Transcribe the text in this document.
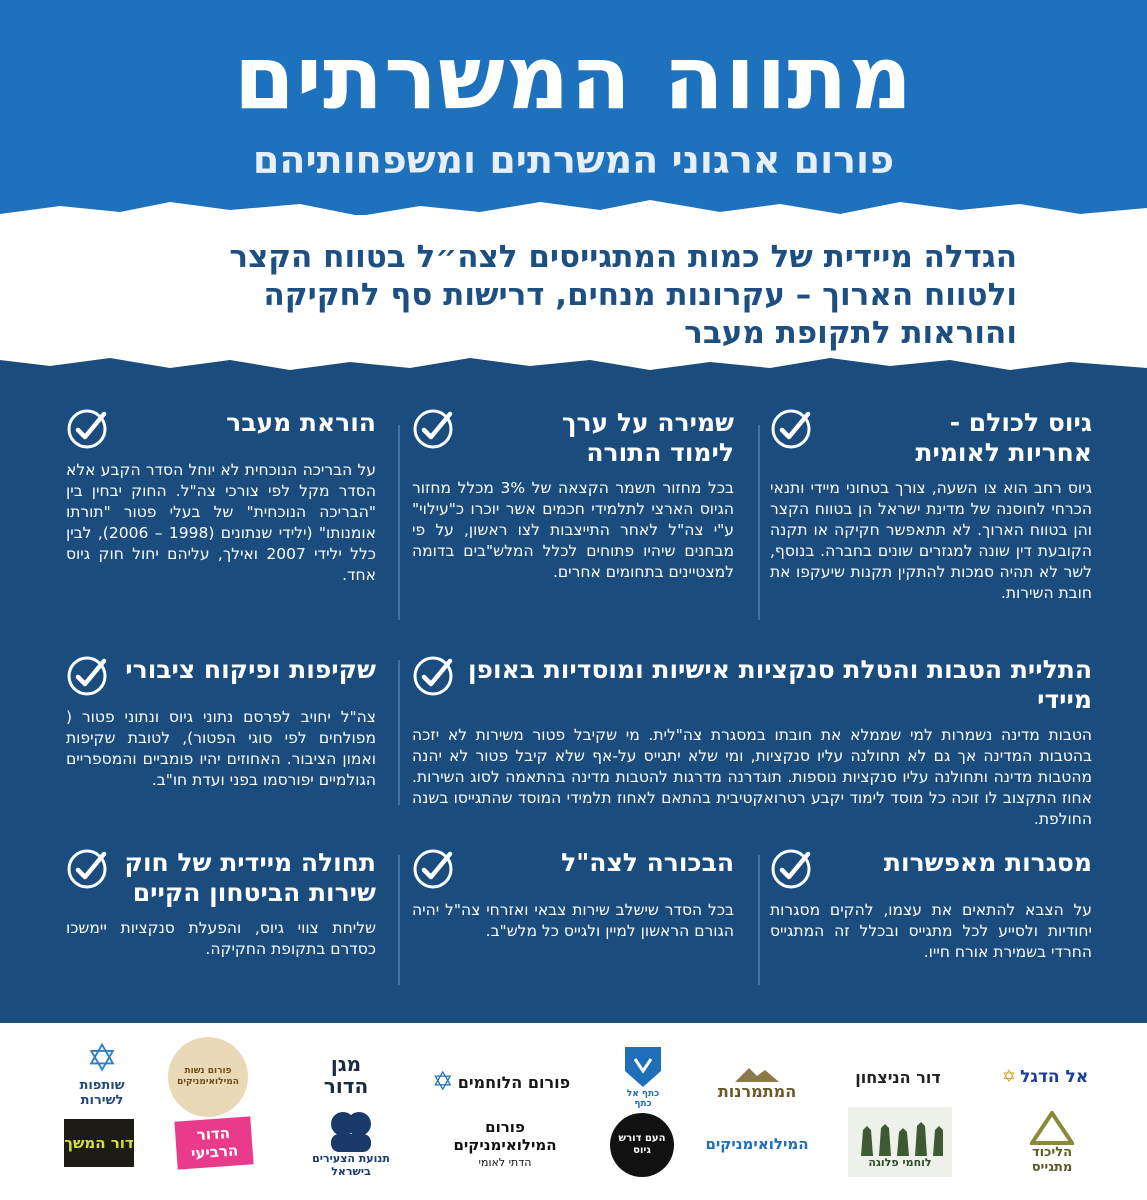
מתווה המשרתים
פורום ארגוני המשרתים ומשפחותיהם
הגדלה מיידית של כמות המתגייסים לצה״ל בטווח הקצר
ולטווח הארוך – עקרונות מנחים, דרישות סף לחקיקה
והוראות לתקופת מעבר
גיוס לכולם -
אחריות לאומית
גיוס רחב הוא צו השעה, צורך בטחוני מיידי ותנאי הכרחי לחוסנה של מדינת ישראל הן בטווח הקצר והן בטווח הארוך. לא תתאפשר חקיקה או תקנה הקובעת דין שונה למגזרים שונים בחברה. בנוסף, לשר לא תהיה סמכות להתקין תקנות שיעקפו את חובת השירות.
שמירה על ערך
לימוד התורה
בכל מחזור תשמר הקצאה של 3% מכלל מחזור הגיוס הארצי לתלמידי חכמים אשר יוכרו כ"עילוי" ע"י צה"ל לאחר התייצבות לצו ראשון, על פי מבחנים שיהיו פתוחים לכלל המלש"בים בדומה למצטיינים בתחומים אחרים.
הוראת מעבר
על הבריכה הנוכחית לא יוחל הסדר הקבע אלא הסדר מקל לפי צורכי צה"ל. החוק יבחין בין "הבריכה הנוכחית" של בעלי פטור "תורתו אומנותו" (ילידי שנתונים (1998 – 2006), לבין כלל ילידי 2007 ואילך, עליהם יחול חוק גיוס אחד.
התליית הטבות והטלת סנקציות אישיות ומוסדיות באופן מיידי
הטבות מדינה נשמרות למי שממלא את חובתו במסגרת צה"לית. מי שקיבל פטור משירות לא יזכה בהטבות המדינה אך גם לא תחולנה עליו סנקציות, ומי שלא יתגייס על-אף שלא קיבל פטור לא יהנה מהטבות מדינה ותחולנה עליו סנקציות נוספות. תוגדרנה מדרגות להטבות מדינה בהתאמה לסוג השירות. אחוז התקצוב לו זוכה כל מוסד לימוד יקבע רטרואקטיבית בהתאם לאחוז תלמידי המוסד שהתגייסו בשנה החולפת.
שקיפות ופיקוח ציבורי
צה"ל יחויב לפרסם נתוני גיוס ונתוני פטור ( מפולחים לפי סוגי הפטור), לטובת שקיפות ואמון הציבור. האחוזים יהיו פומביים והמספריים הגולמיים יפורסמו בפני ועדת חו"ב.
מסגרות מאפשרות
על הצבא להתאים את עצמו, להקים מסגרות יחודיות ולסייע לכל מתגייס ובכלל זה המתגייס החרדי בשמירת אורח חייו.
הבכורה לצה"ל
בכל הסדר שישלב שירות צבאי ואזרחי צה"ל יהיה הגורם הראשון למיין ולגייס כל מלש"ב.
תחולה מיידית של חוק
שירות הביטחון הקיים
שליחת צווי גיוס, והפעלת סנקציות יימשכו כסדרם בתקופת החקיקה.
אל הדגל
✡
דור הניצחון
המתמרנות
כתף אל כתף
פורום הלוחמים
✡
מגן הדור
פורום נשות המילואימניקים
✡
שותפות לשירות
הליכוד מתגייס
לוחמי פלוגה
המילואימניקים
העם דורש גיוס
פורום המילואימניקים
הדתי לאומי
תנועת הצעירים בישראל
הדור הרביעי
דור המשך
